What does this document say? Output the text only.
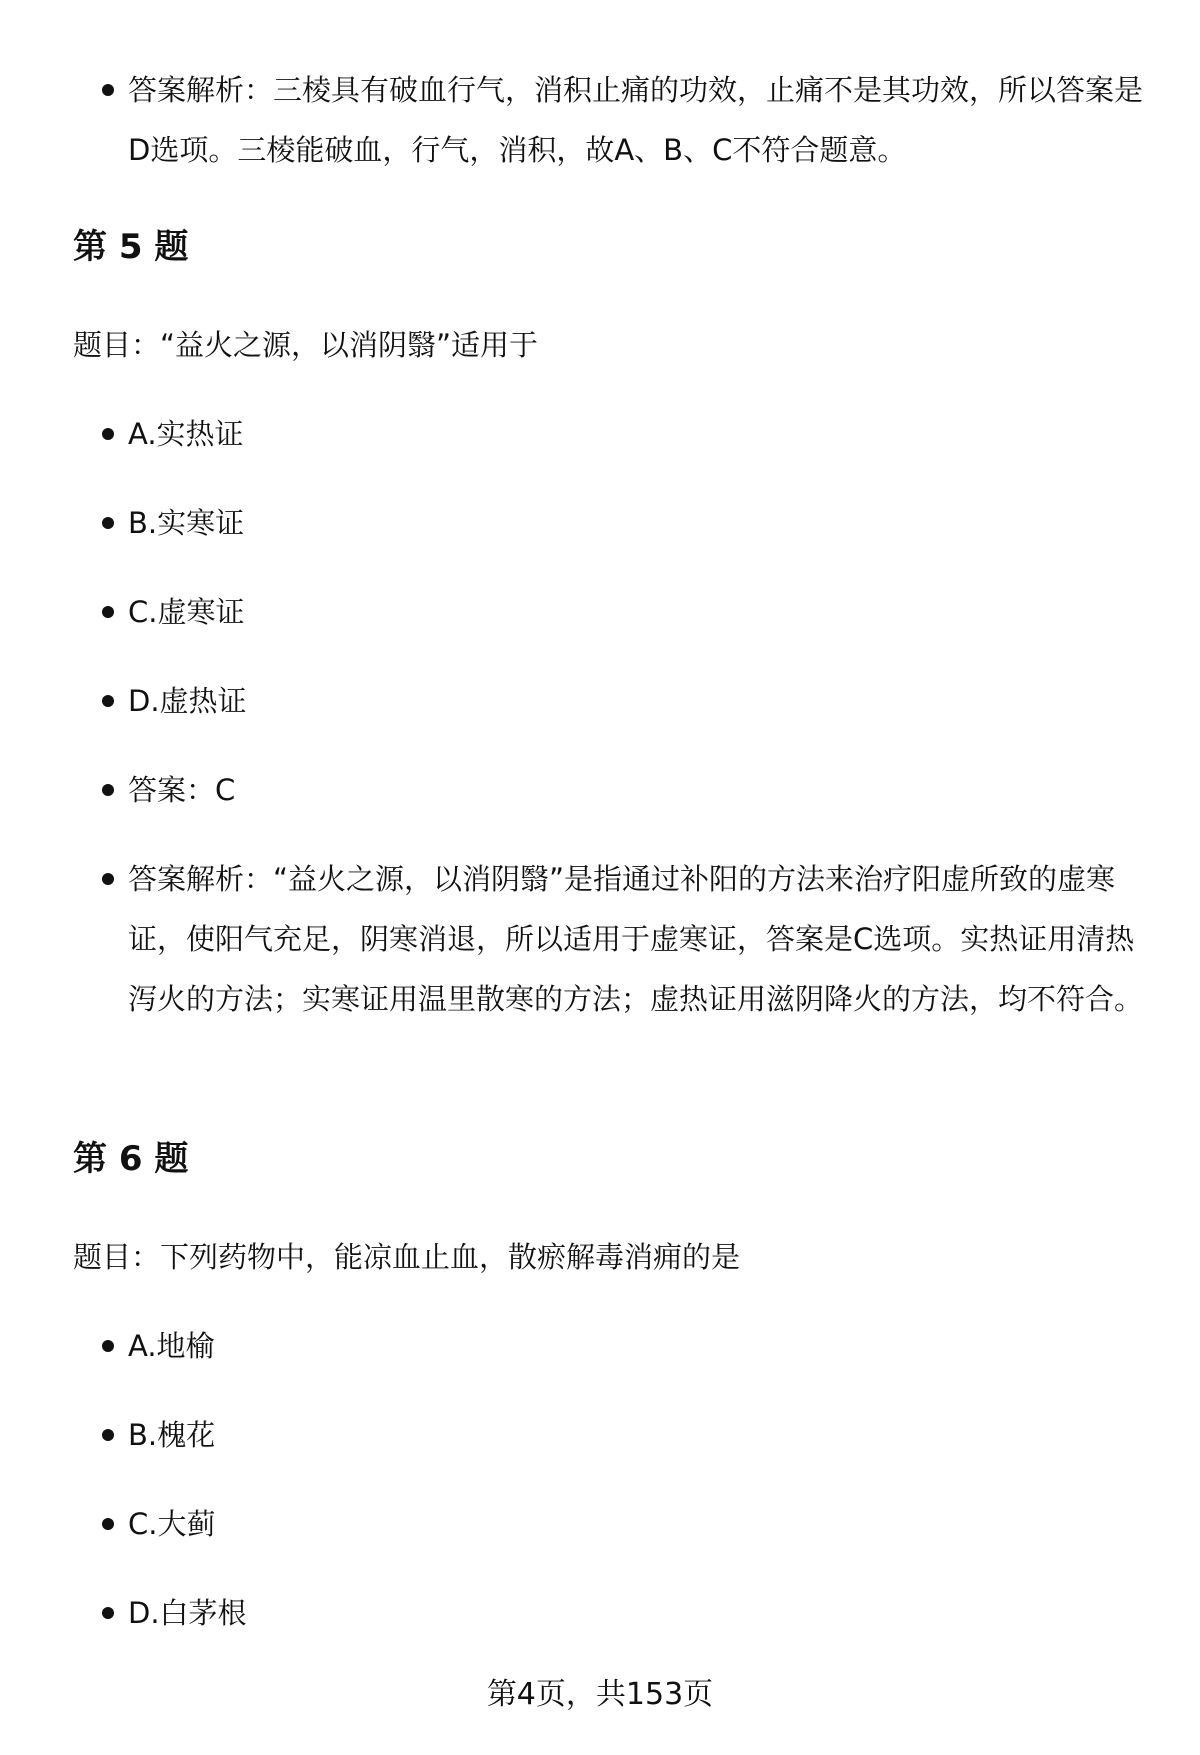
答案解析：三棱具有破血行气，消积止痛的功效，止痛不是其功效，所以答案是D选项。三棱能破血，行气，消积，故A、B、C不符合题意。
第 5 题
题目：“益火之源，以消阴翳”适用于
A.实热证
B.实寒证
C.虚寒证
D.虚热证
答案：C
答案解析：“益火之源，以消阴翳”是指通过补阳的方法来治疗阳虚所致的虚寒证，使阳气充足，阴寒消退，所以适用于虚寒证，答案是C选项。实热证用清热泻火的方法；实寒证用温里散寒的方法；虚热证用滋阴降火的方法，均不符合。
第 6 题
题目：下列药物中，能凉血止血，散瘀解毒消痈的是
A.地榆
B.槐花
C.大蓟
D.白茅根
第4页，共153页
